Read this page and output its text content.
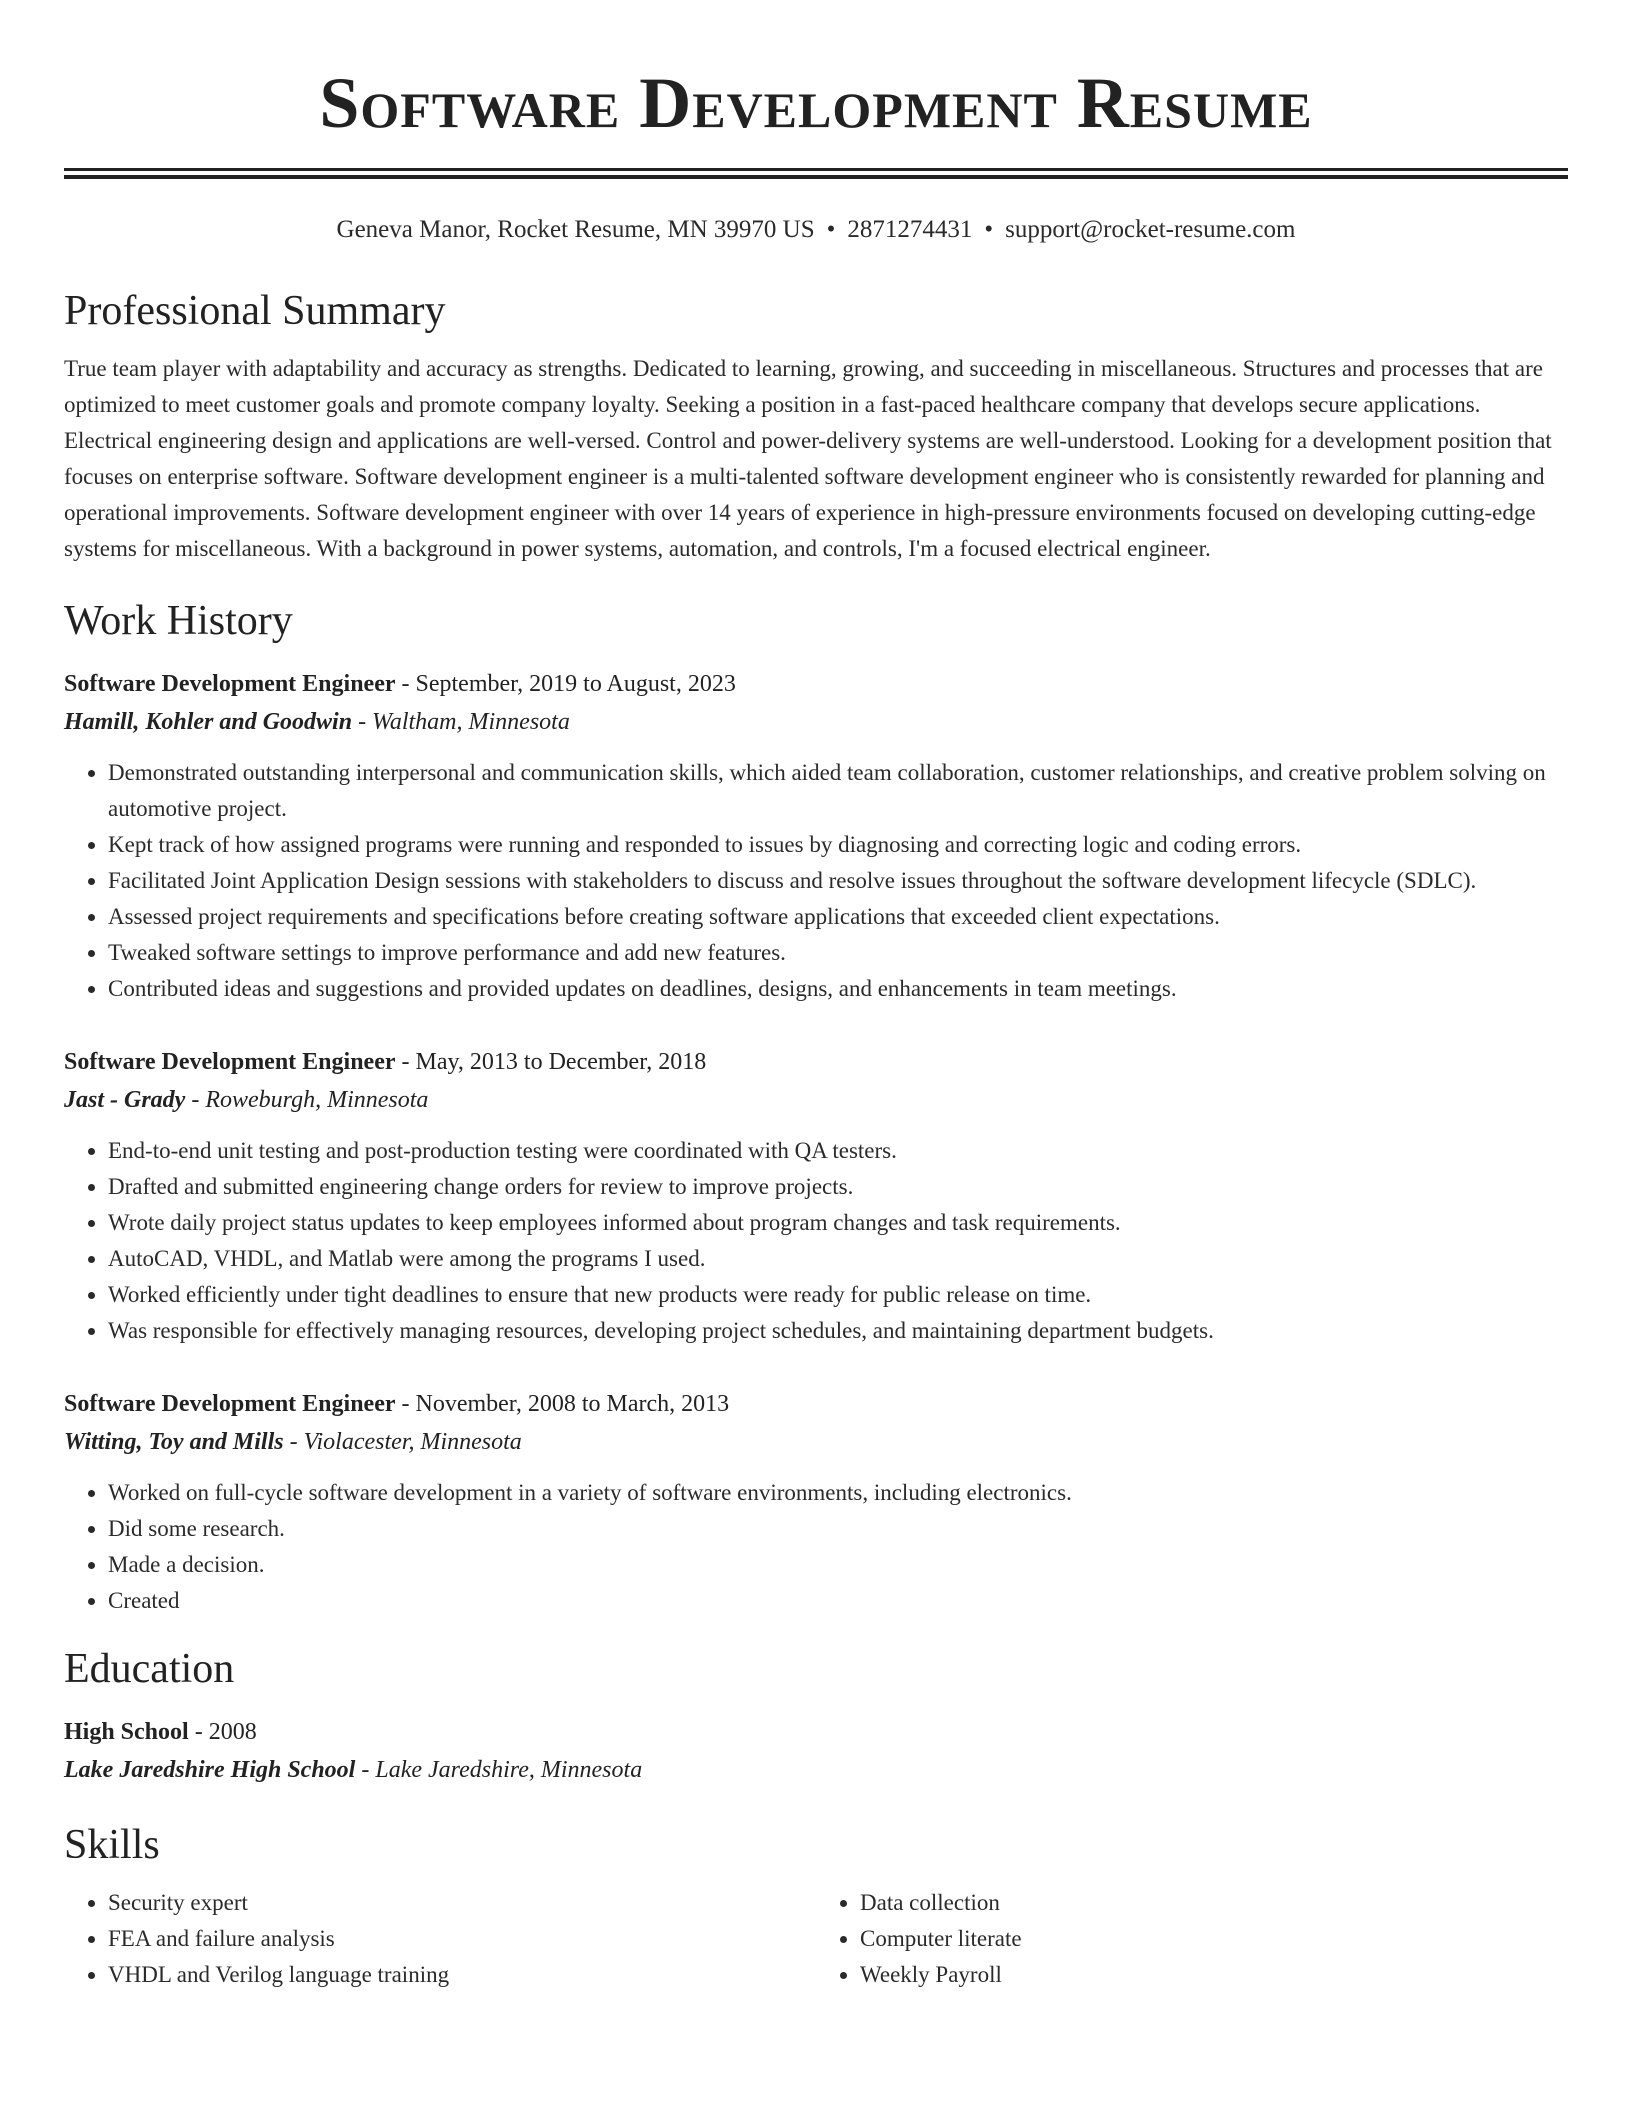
Software Development Resume
Geneva Manor, Rocket Resume, MN 39970 US • 2871274431 • support@rocket-resume.com
Professional Summary
True team player with adaptability and accuracy as strengths. Dedicated to learning, growing, and succeeding in miscellaneous. Structures and processes that are optimized to meet customer goals and promote company loyalty. Seeking a position in a fast-paced healthcare company that develops secure applications. Electrical engineering design and applications are well-versed. Control and power-delivery systems are well-understood. Looking for a development position that focuses on enterprise software. Software development engineer is a multi-talented software development engineer who is consistently rewarded for planning and operational improvements. Software development engineer with over 14 years of experience in high-pressure environments focused on developing cutting-edge systems for miscellaneous. With a background in power systems, automation, and controls, I'm a focused electrical engineer.
Work History
Software Development Engineer - September, 2019 to August, 2023
Hamill, Kohler and Goodwin - Waltham, Minnesota
• Demonstrated outstanding interpersonal and communication skills, which aided team collaboration, customer relationships, and creative problem solving on automotive project.
• Kept track of how assigned programs were running and responded to issues by diagnosing and correcting logic and coding errors.
• Facilitated Joint Application Design sessions with stakeholders to discuss and resolve issues throughout the software development lifecycle (SDLC).
• Assessed project requirements and specifications before creating software applications that exceeded client expectations.
• Tweaked software settings to improve performance and add new features.
• Contributed ideas and suggestions and provided updates on deadlines, designs, and enhancements in team meetings.
Software Development Engineer - May, 2013 to December, 2018
Jast - Grady - Roweburgh, Minnesota
• End-to-end unit testing and post-production testing were coordinated with QA testers.
• Drafted and submitted engineering change orders for review to improve projects.
• Wrote daily project status updates to keep employees informed about program changes and task requirements.
• AutoCAD, VHDL, and Matlab were among the programs I used.
• Worked efficiently under tight deadlines to ensure that new products were ready for public release on time.
• Was responsible for effectively managing resources, developing project schedules, and maintaining department budgets.
Software Development Engineer - November, 2008 to March, 2013
Witting, Toy and Mills - Violacester, Minnesota
• Worked on full-cycle software development in a variety of software environments, including electronics.
• Did some research.
• Made a decision.
• Created
Education
High School - 2008
Lake Jaredshire High School - Lake Jaredshire, Minnesota
Skills
• Security expert
• FEA and failure analysis
• VHDL and Verilog language training
• Data collection
• Computer literate
• Weekly Payroll
